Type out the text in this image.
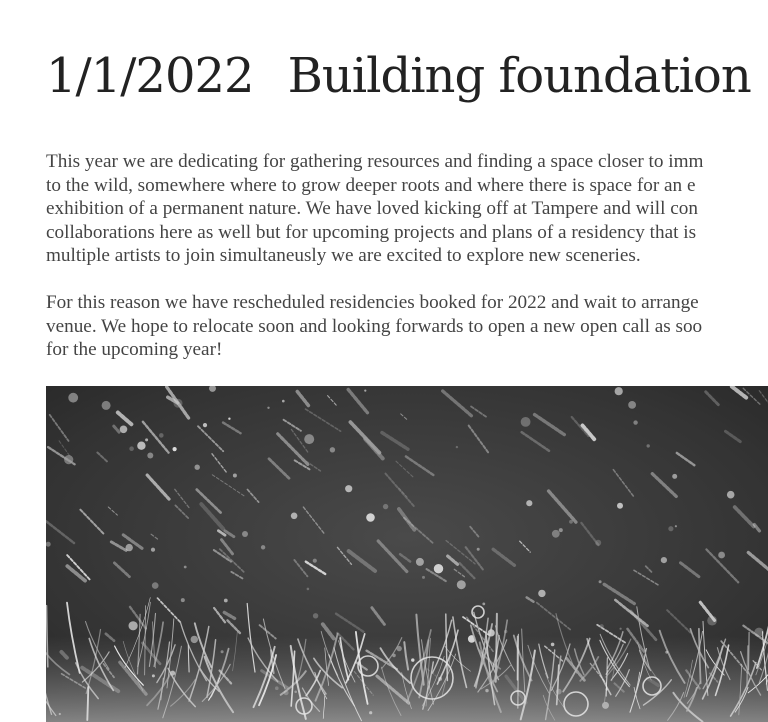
1/1/2022 Building foundation

This year we are dedicating for gathering resources and finding a space closer to imm
to the wild, somewhere where to grow deeper roots and where there is space for an e
exhibition of a permanent nature. We have loved kicking off at Tampere and will con
collaborations here as well but for upcoming projects and plans of a residency that is
multiple artists to join simultaneusly we are excited to explore new sceneries.

For this reason we have rescheduled residencies booked for 2022 and wait to arrange
venue. We hope to relocate soon and looking forwards to open a new open call as soo
for the upcoming year!
